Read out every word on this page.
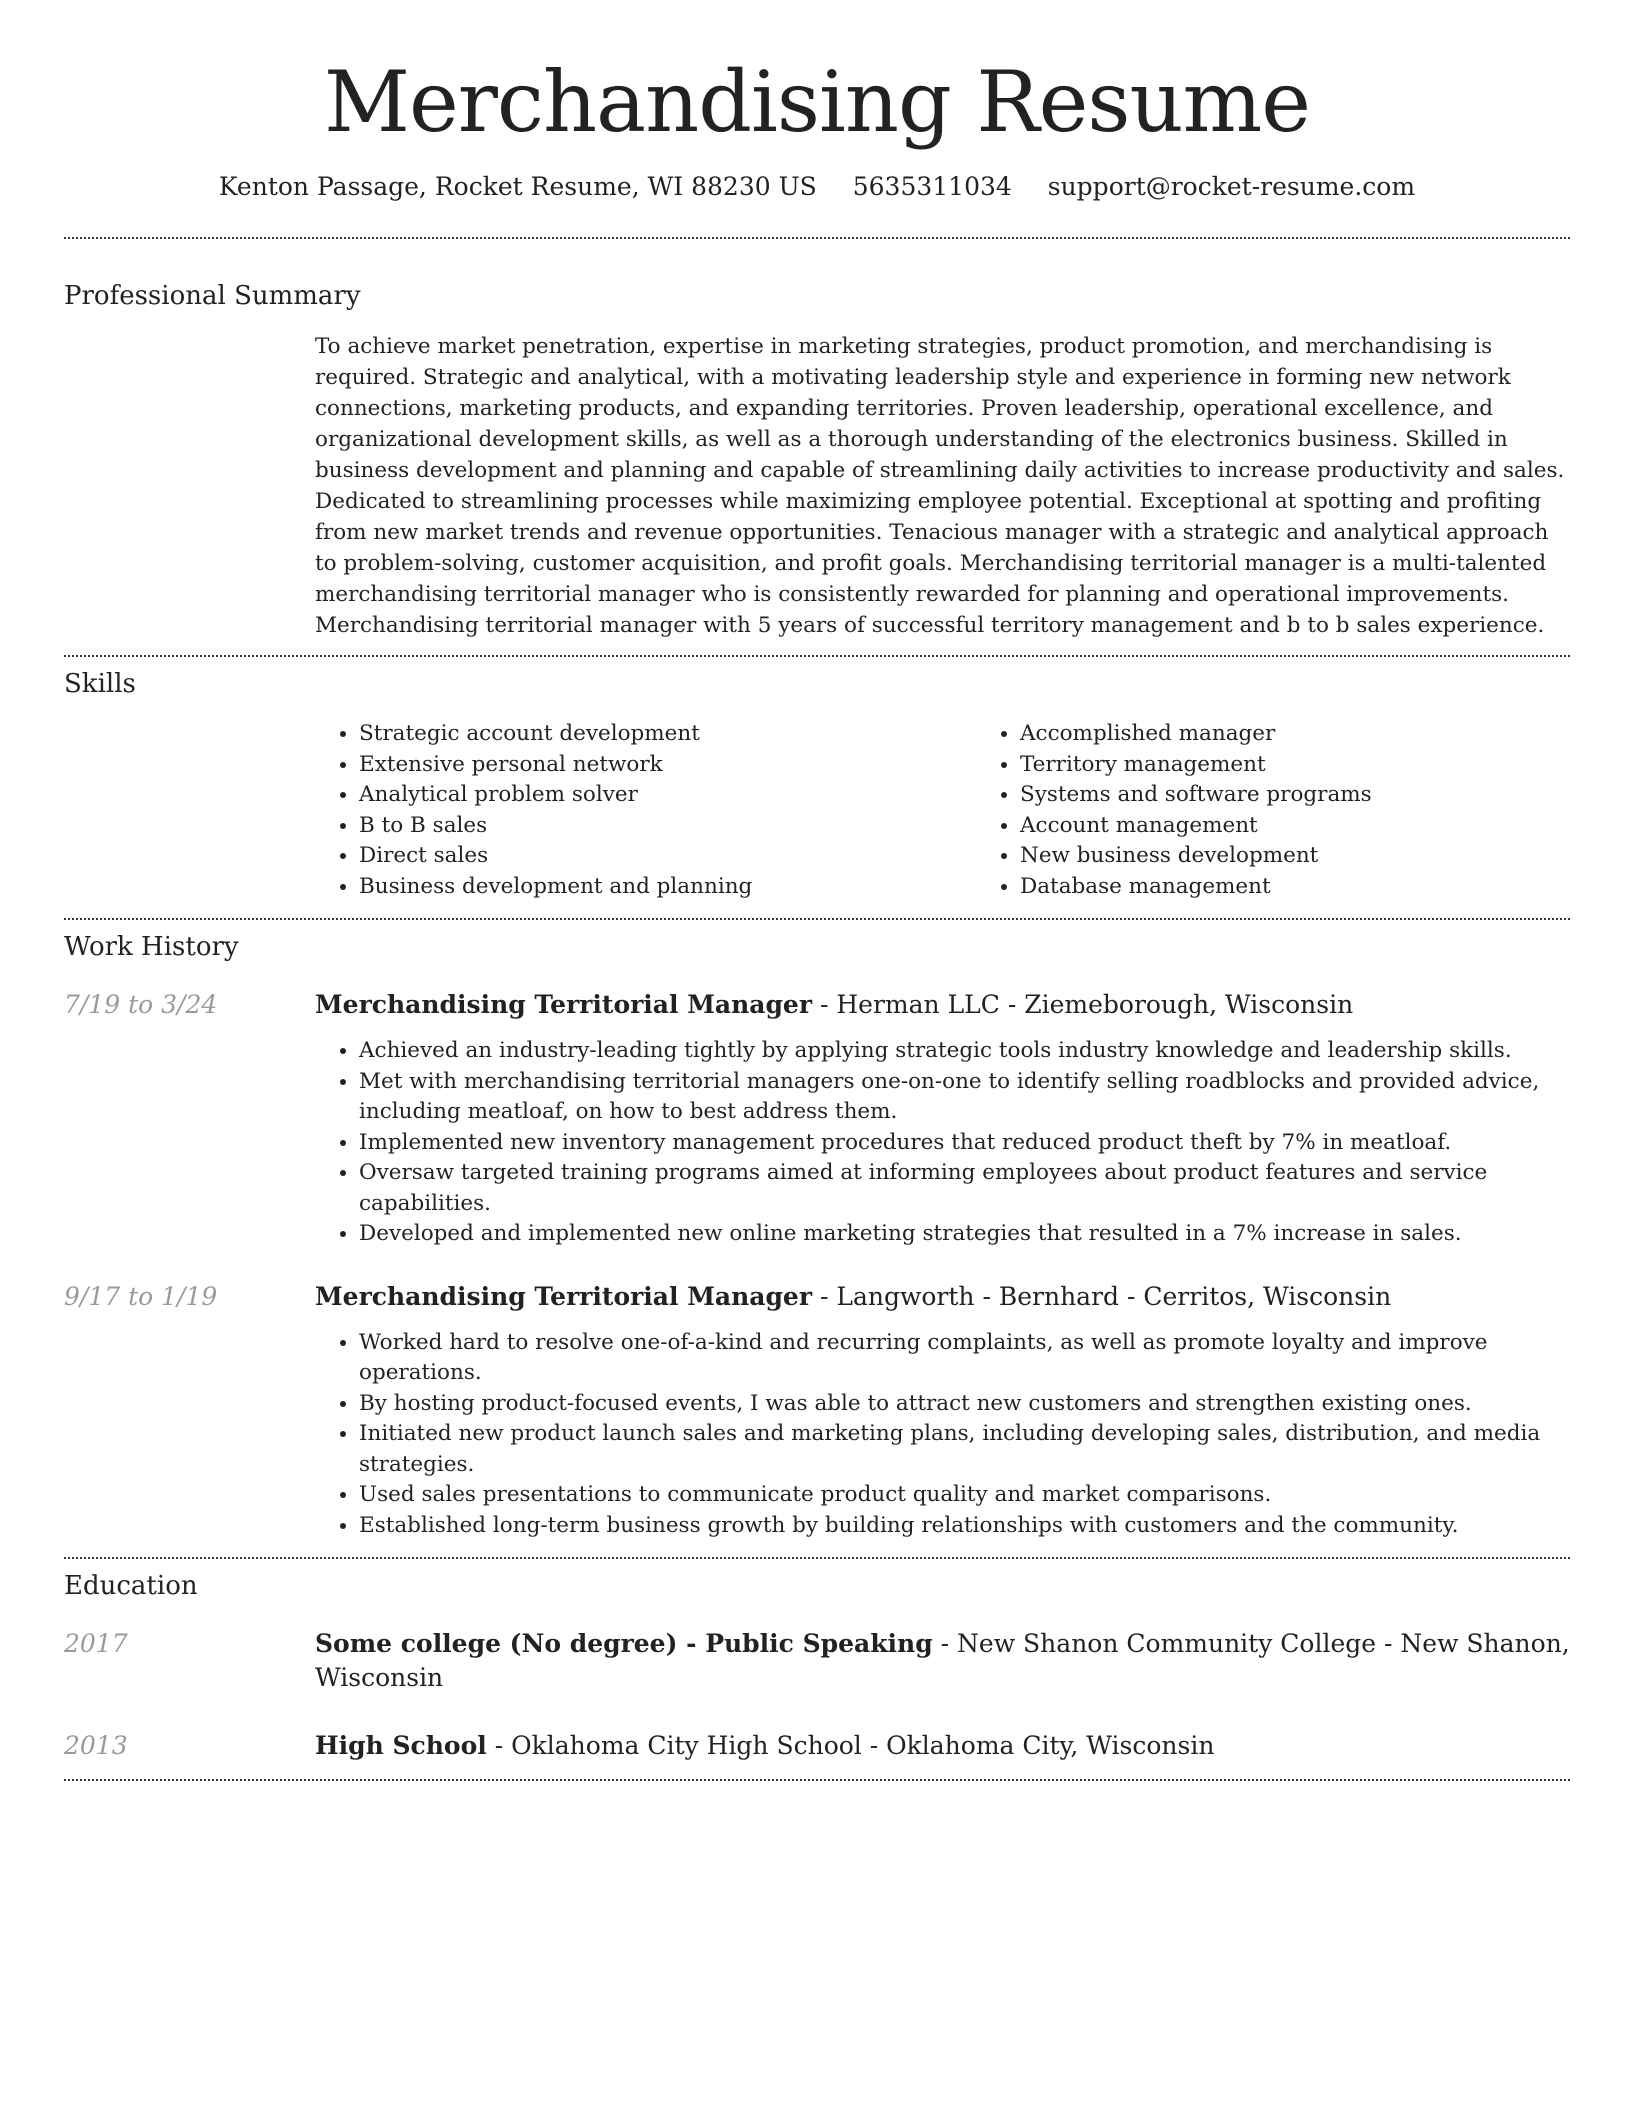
Merchandising Resume
Kenton Passage, Rocket Resume, WI 88230 US 5635311034 support@rocket-resume.com
Professional Summary

To achieve market penetration, expertise in marketing strategies, product promotion, and merchandising is required. Strategic and analytical, with a motivating leadership style and experience in forming new network connections, marketing products, and expanding territories. Proven leadership, operational excellence, and organizational development skills, as well as a thorough understanding of the electronics business. Skilled in business development and planning and capable of streamlining daily activities to increase productivity and sales. Dedicated to streamlining processes while maximizing employee potential. Exceptional at spotting and profiting from new market trends and revenue opportunities. Tenacious manager with a strategic and analytical approach to problem-solving, customer acquisition, and profit goals. Merchandising territorial manager is a multi-talented merchandising territorial manager who is consistently rewarded for planning and operational improvements. Merchandising territorial manager with 5 years of successful territory management and b to b sales experience.

Skills
• Strategic account development
• Extensive personal network
• Analytical problem solver
• B to B sales
• Direct sales
• Business development and planning
• Accomplished manager
• Territory management
• Systems and software programs
• Account management
• New business development
• Database management
Work History
7/19 to 3/24	Merchandising Territorial Manager - Herman LLC - Ziemeborough, Wisconsin

• Achieved an industry-leading tightly by applying strategic tools industry knowledge and leadership skills.
• Met with merchandising territorial managers one-on-one to identify selling roadblocks and provided advice, including meatloaf, on how to best address them.
• Implemented new inventory management procedures that reduced product theft by 7% in meatloaf.
• Oversaw targeted training programs aimed at informing employees about product features and service capabilities.
• Developed and implemented new online marketing strategies that resulted in a 7% increase in sales.
9/17 to 1/19	Merchandising Territorial Manager - Langworth - Bernhard - Cerritos, Wisconsin

• Worked hard to resolve one-of-a-kind and recurring complaints, as well as promote loyalty and improve operations.
• By hosting product-focused events, I was able to attract new customers and strengthen existing ones.
• Initiated new product launch sales and marketing plans, including developing sales, distribution, and media strategies.
• Used sales presentations to communicate product quality and market comparisons.
• Established long-term business growth by building relationships with customers and the community.
Education
2017	Some college (No degree) - Public Speaking - New Shanon Community College - New Shanon, Wisconsin

2013	High School - Oklahoma City High School - Oklahoma City, Wisconsin
